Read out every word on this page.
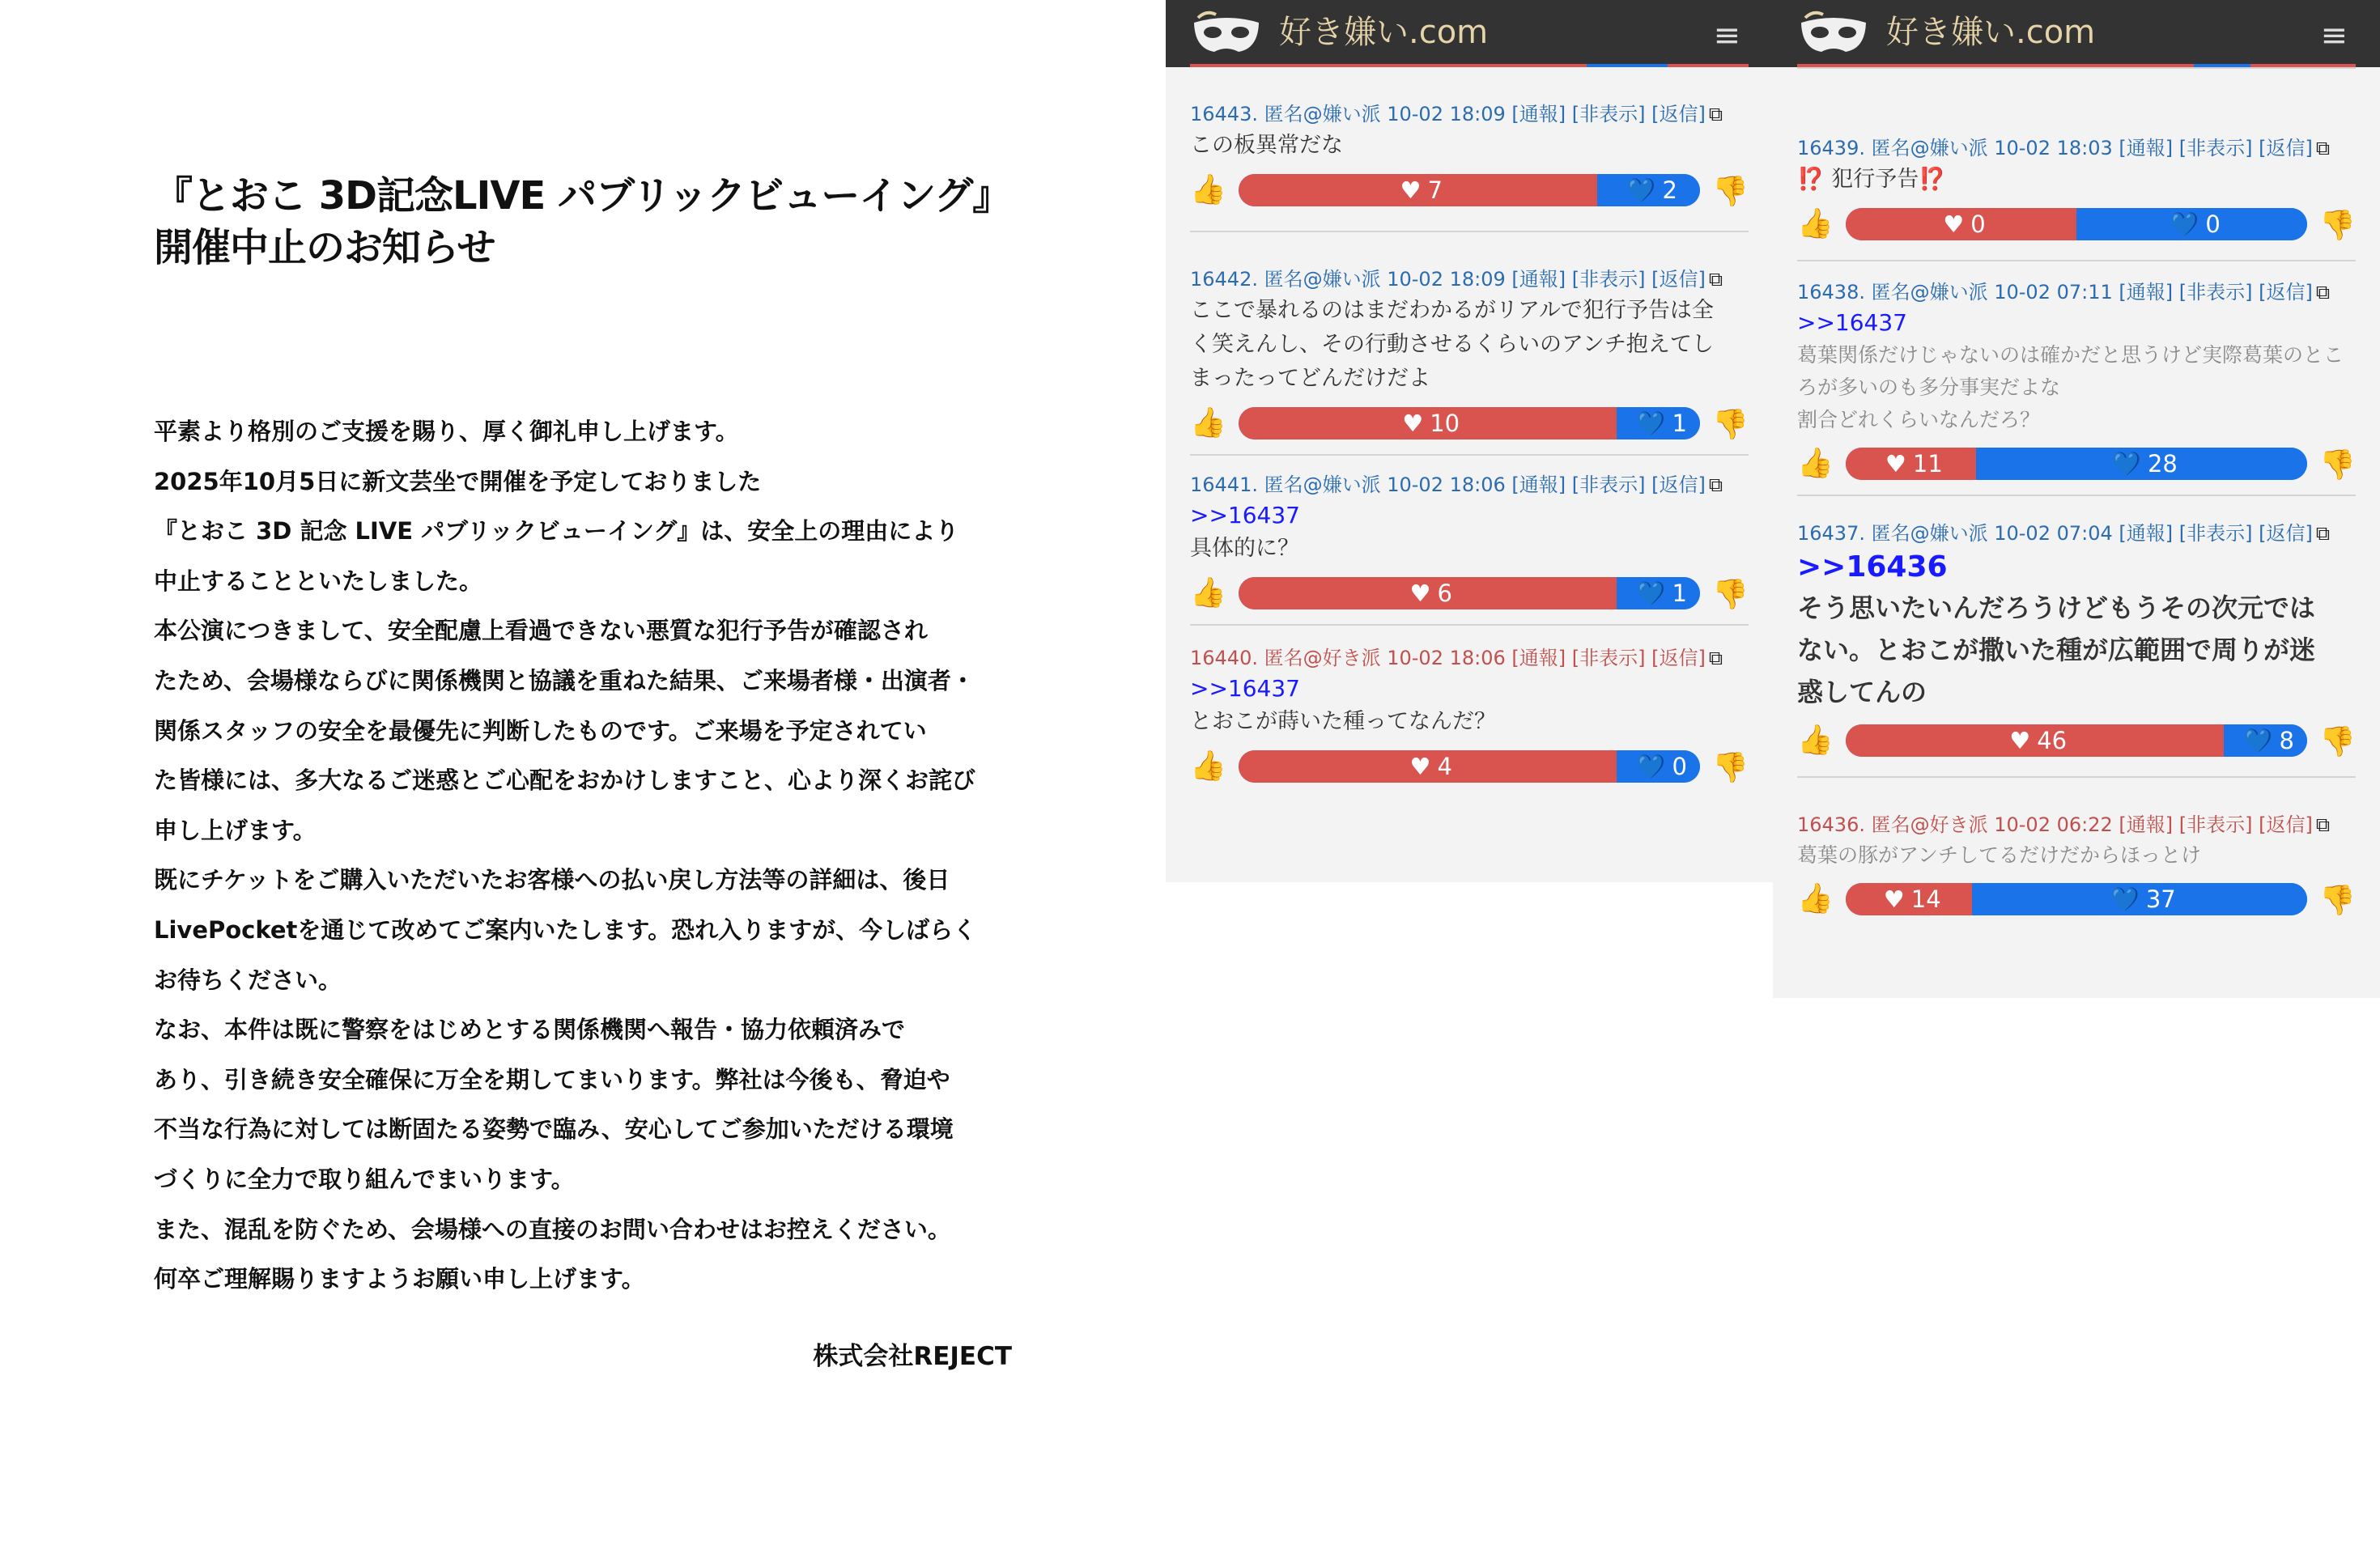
『とおこ 3D記念LIVE パブリックビューイング』
開催中止のお知らせ

平素より格別のご支援を賜り、厚く御礼申し上げます。

2025年10月5日に新文芸坐で開催を予定しておりました

『とおこ 3D 記念 LIVE パブリックビューイング』は、安全上の理由により

中止することといたしました。

本公演につきまして、安全配慮上看過できない悪質な犯行予告が確認され

たため、会場様ならびに関係機関と協議を重ねた結果、ご来場者様・出演者・

関係スタッフの安全を最優先に判断したものです。ご来場を予定されてい

た皆様には、多大なるご迷惑とご心配をおかけしますこと、心より深くお詫び

申し上げます。

既にチケットをご購入いただいたお客様への払い戻し方法等の詳細は、後日

LivePocketを通じて改めてご案内いたします。恐れ入りますが、今しばらく

お待ちください。

なお、本件は既に警察をはじめとする関係機関へ報告・協力依頼済みで

あり、引き続き安全確保に万全を期してまいります。弊社は今後も、脅迫や

不当な行為に対しては断固たる姿勢で臨み、安心してご参加いただける環境

づくりに全力で取り組んでまいります。

また、混乱を防ぐため、会場様への直接のお問い合わせはお控えください。

何卒ご理解賜りますようお願い申し上げます。

株式会社REJECT
好き嫌い.com	≡
16443. 匿名@嫌い派 10-02 18:09 [通報] [非表示] [返信] ⧉
この板異常だな
👍	♥ 7	💙 2 👍
16442. 匿名@嫌い派 10-02 18:09 [通報] [非表示] [返信] ⧉
ここで暴れるのはまだわかるがリアルで犯行予告は全
く笑えんし、その行動させるくらいのアンチ抱えてし
まったってどんだけだよ
👍	♥ 10	💙 1 👍
16441. 匿名@嫌い派 10-02 18:06 [通報] [非表示] [返信] ⧉
>>16437
具体的に？
👍	♥ 6	💙 1 👍
16440. 匿名@好き派 10-02 18:06 [通報] [非表示] [返信] ⧉
>>16437
とおこが蒔いた種ってなんだ？
👍	♥ 4	💙 0 👍
好き嫌い.com	≡
16439. 匿名@嫌い派 10-02 18:03 [通報] [非表示] [返信] ⧉
⁉️ 犯行予告⁉️
👍	♥ 0	💙 0	👍
16438. 匿名@嫌い派 10-02 07:11 [通報] [非表示] [返信] ⧉
>>16437
葛葉関係だけじゃないのは確かだと思うけど実際葛葉のとこ
ろが多いのも多分事実だよな
割合どれくらいなんだろ？
👍 ♥ 11	💙 28	👍
16437. 匿名@嫌い派 10-02 07:04 [通報] [非表示] [返信] ⧉
>>16436
そう思いたいんだろうけどもうその次元では
ない。とおこが撒いた種が広範囲で周りが迷
惑してんの
👍	♥ 46	💙 8 👍
16436. 匿名@好き派 10-02 06:22 [通報] [非表示] [返信] ⧉
葛葉の豚がアンチしてるだけだからほっとけ
👍 ♥ 14	💙 37	👍
